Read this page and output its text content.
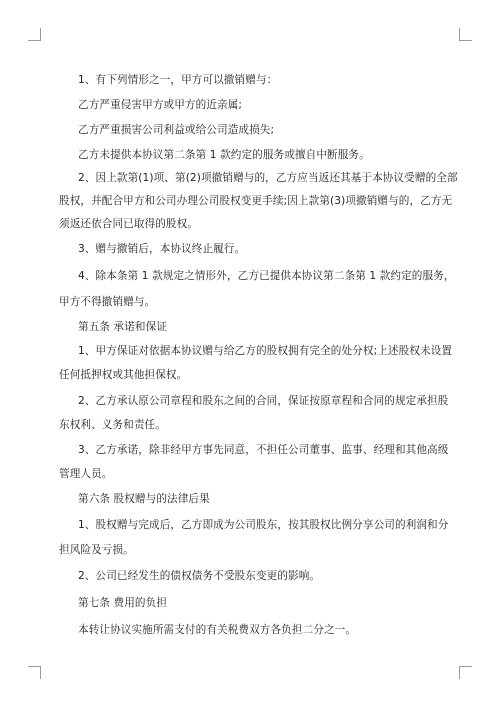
1、有下列情形之一，甲方可以撤销赠与：
乙方严重侵害甲方或甲方的近亲属;
乙方严重损害公司利益或给公司造成损失;
乙方未提供本协议第二条第 1 款约定的服务或擅自中断服务。
2、因上款第(1)项、第(2)项撤销赠与的，乙方应当返还其基于本协议受赠的全部
股权，并配合甲方和公司办理公司股权变更手续;因上款第(3)项撤销赠与的，乙方无
须返还依合同已取得的股权。
3、赠与撤销后，本协议终止履行。
4、除本条第 1 款规定之情形外，乙方已提供本协议第二条第 1 款约定的服务，
甲方不得撤销赠与。
第五条 承诺和保证
1、甲方保证对依据本协议赠与给乙方的股权拥有完全的处分权;上述股权未设置
任何抵押权或其他担保权。
2、乙方承认原公司章程和股东之间的合同，保证按原章程和合同的规定承担股
东权利、义务和责任。
3、乙方承诺，除非经甲方事先同意，不担任公司董事、监事、经理和其他高级
管理人员。
第六条 股权赠与的法律后果
1、股权赠与完成后，乙方即成为公司股东，按其股权比例分享公司的利润和分
担风险及亏损。
2、公司已经发生的债权债务不受股东变更的影响。
第七条 费用的负担
本转让协议实施所需支付的有关税费双方各负担二分之一。
